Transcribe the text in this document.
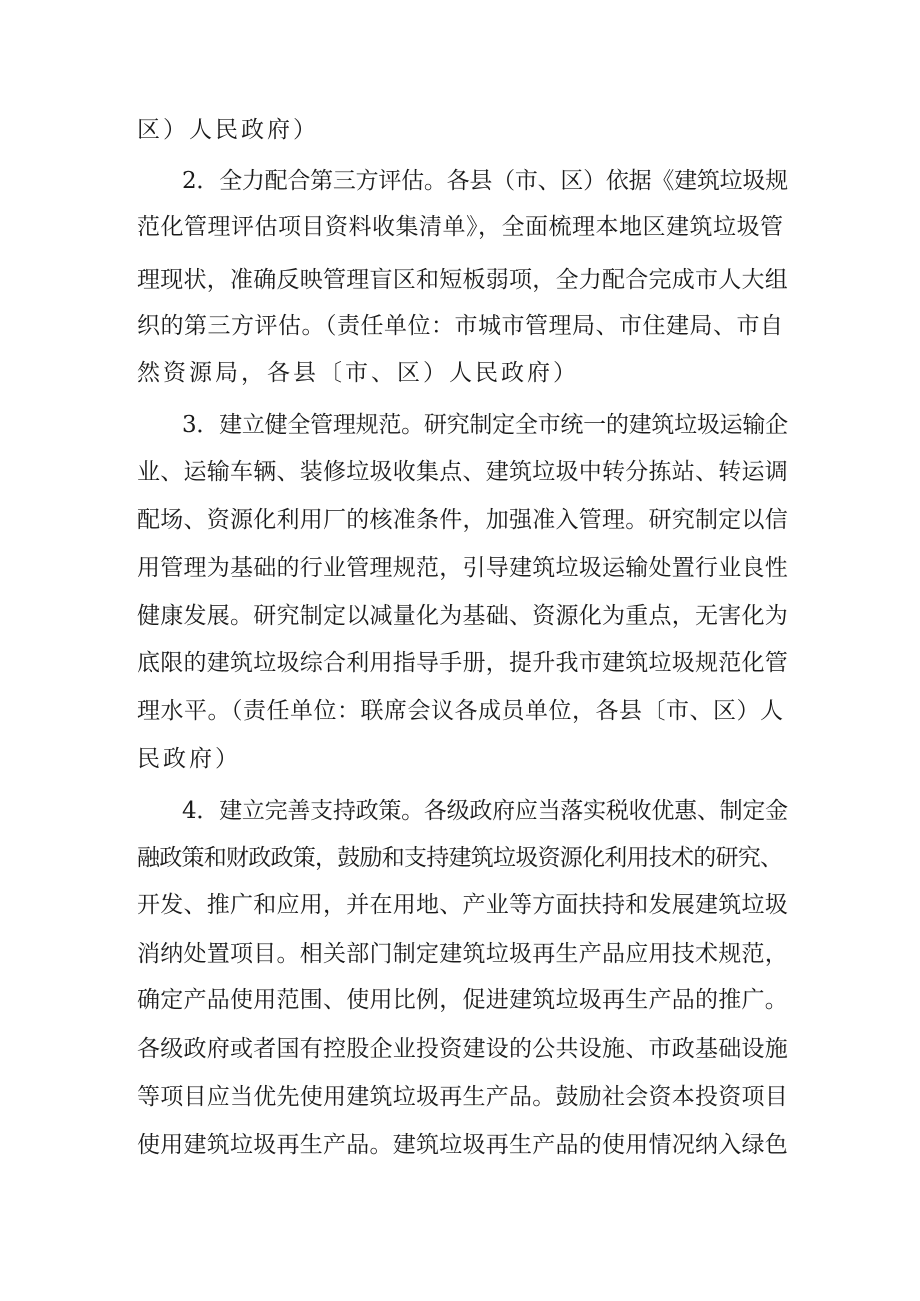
区）人民政府）
2．全力配合第三方评估。各县（市、区）依据《建筑垃圾规
范化管理评估项目资料收集清单》，全面梳理本地区建筑垃圾管
理现状，准确反映管理盲区和短板弱项，全力配合完成市人大组
织的第三方评估。（责任单位：市城市管理局、市住建局、市自
然资源局，各县〔市、区）人民政府）
3．建立健全管理规范。研究制定全市统一的建筑垃圾运输企
业、运输车辆、装修垃圾收集点、建筑垃圾中转分拣站、转运调
配场、资源化利用厂的核准条件，加强准入管理。研究制定以信
用管理为基础的行业管理规范，引导建筑垃圾运输处置行业良性
健康发展。研究制定以减量化为基础、资源化为重点，无害化为
底限的建筑垃圾综合利用指导手册，提升我市建筑垃圾规范化管
理水平。（责任单位：联席会议各成员单位，各县〔市、区）人
民政府）
4．建立完善支持政策。各级政府应当落实税收优惠、制定金
融政策和财政政策，鼓励和支持建筑垃圾资源化利用技术的研究、
开发、推广和应用，并在用地、产业等方面扶持和发展建筑垃圾
消纳处置项目。相关部门制定建筑垃圾再生产品应用技术规范，
确定产品使用范围、使用比例，促进建筑垃圾再生产品的推广。
各级政府或者国有控股企业投资建设的公共设施、市政基础设施
等项目应当优先使用建筑垃圾再生产品。鼓励社会资本投资项目
使用建筑垃圾再生产品。建筑垃圾再生产品的使用情况纳入绿色
